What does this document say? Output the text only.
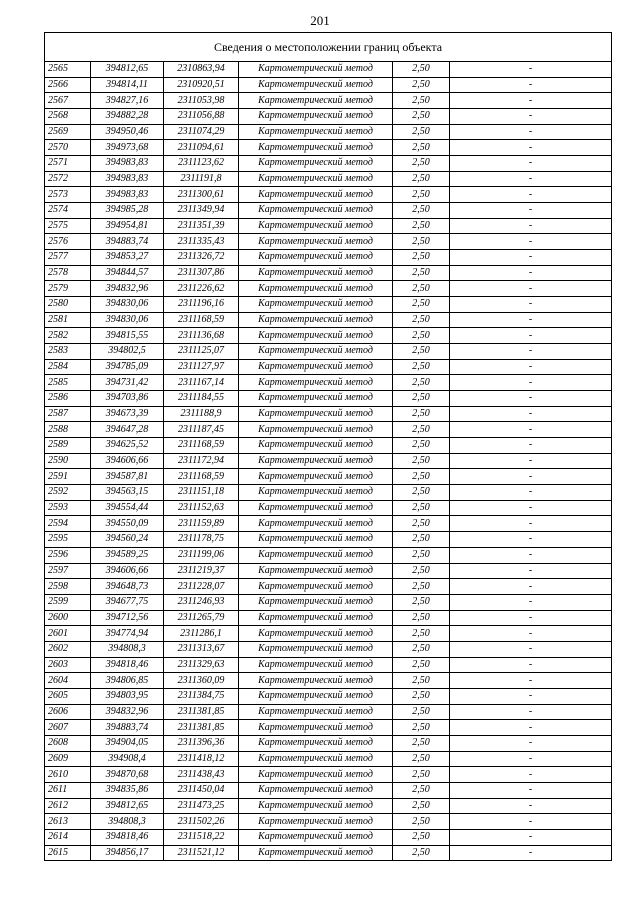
201
Сведения о местоположении границ объекта					
2565	394812,65	2310863,94	Картометрический метод	2,50	-
2566	394814,11	2310920,51	Картометрический метод	2,50	-
2567	394827,16	2311053,98	Картометрический метод	2,50	-
2568	394882,28	2311056,88	Картометрический метод	2,50	-
2569	394950,46	2311074,29	Картометрический метод	2,50	-
2570	394973,68	2311094,61	Картометрический метод	2,50	-
2571	394983,83	2311123,62	Картометрический метод	2,50	-
2572	394983,83	2311191,8	Картометрический метод	2,50	-
2573	394983,83	2311300,61	Картометрический метод	2,50	-
2574	394985,28	2311349,94	Картометрический метод	2,50	-
2575	394954,81	2311351,39	Картометрический метод	2,50	-
2576	394883,74	2311335,43	Картометрический метод	2,50	-
2577	394853,27	2311326,72	Картометрический метод	2,50	-
2578	394844,57	2311307,86	Картометрический метод	2,50	-
2579	394832,96	2311226,62	Картометрический метод	2,50	-
2580	394830,06	2311196,16	Картометрический метод	2,50	-
2581	394830,06	2311168,59	Картометрический метод	2,50	-
2582	394815,55	2311136,68	Картометрический метод	2,50	-
2583	394802,5	2311125,07	Картометрический метод	2,50	-
2584	394785,09	2311127,97	Картометрический метод	2,50	-
2585	394731,42	2311167,14	Картометрический метод	2,50	-
2586	394703,86	2311184,55	Картометрический метод	2,50	-
2587	394673,39	2311188,9	Картометрический метод	2,50	-
2588	394647,28	2311187,45	Картометрический метод	2,50	-
2589	394625,52	2311168,59	Картометрический метод	2,50	-
2590	394606,66	2311172,94	Картометрический метод	2,50	-
2591	394587,81	2311168,59	Картометрический метод	2,50	-
2592	394563,15	2311151,18	Картометрический метод	2,50	-
2593	394554,44	2311152,63	Картометрический метод	2,50	-
2594	394550,09	2311159,89	Картометрический метод	2,50	-
2595	394560,24	2311178,75	Картометрический метод	2,50	-
2596	394589,25	2311199,06	Картометрический метод	2,50	-
2597	394606,66	2311219,37	Картометрический метод	2,50	-
2598	394648,73	2311228,07	Картометрический метод	2,50	-
2599	394677,75	2311246,93	Картометрический метод	2,50	-
2600	394712,56	2311265,79	Картометрический метод	2,50	-
2601	394774,94	2311286,1	Картометрический метод	2,50	-
2602	394808,3	2311313,67	Картометрический метод	2,50	-
2603	394818,46	2311329,63	Картометрический метод	2,50	-
2604	394806,85	2311360,09	Картометрический метод	2,50	-
2605	394803,95	2311384,75	Картометрический метод	2,50	-
2606	394832,96	2311381,85	Картометрический метод	2,50	-
2607	394883,74	2311381,85	Картометрический метод	2,50	-
2608	394904,05	2311396,36	Картометрический метод	2,50	-
2609	394908,4	2311418,12	Картометрический метод	2,50	-
2610	394870,68	2311438,43	Картометрический метод	2,50	-
2611	394835,86	2311450,04	Картометрический метод	2,50	-
2612	394812,65	2311473,25	Картометрический метод	2,50	-
2613	394808,3	2311502,26	Картометрический метод	2,50	-
2614	394818,46	2311518,22	Картометрический метод	2,50	-
2615	394856,17	2311521,12	Картометрический метод	2,50	-
